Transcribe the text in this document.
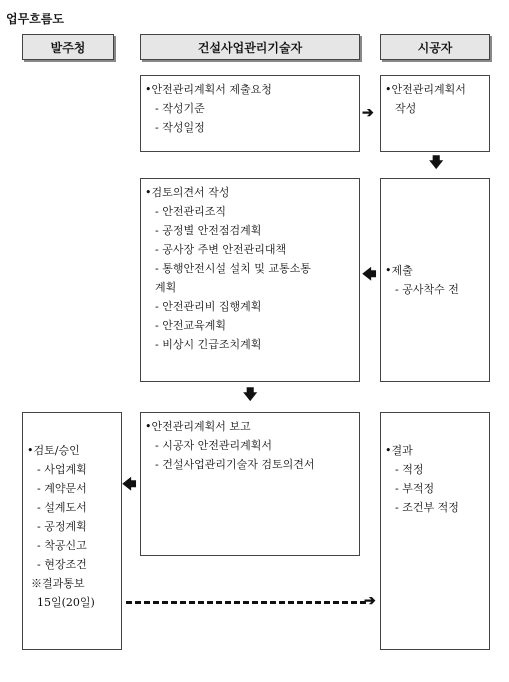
업무흐름도
발주청	건설사업관리기술자	시공자
•안전관리계획서 제출요청
- 작성기준
- 작성일정
•안전관리계획서
작성
➔
🡇
•검토의견서 작성
- 안전관리조직
- 공정별 안전점검계획
- 공사장 주변 안전관리대책
- 통행안전시설 설치 및 교통소통
계획
- 안전관리비 집행계획
- 안전교육계획
- 비상시 긴급조치계획
•제출
- 공사착수 전
🡄
🡇
•안전관리계획서 보고
- 시공자 안전관리계획서
- 건설사업관리기술자 검토의견서
•검토/승인
- 사업계획
- 계약문서
- 설계도서
- 공정계획
- 착공신고
- 현장조건
※결과통보
15일(20일)
🡄
•결과
- 적정
- 부적정
- 조건부 적정
➔
